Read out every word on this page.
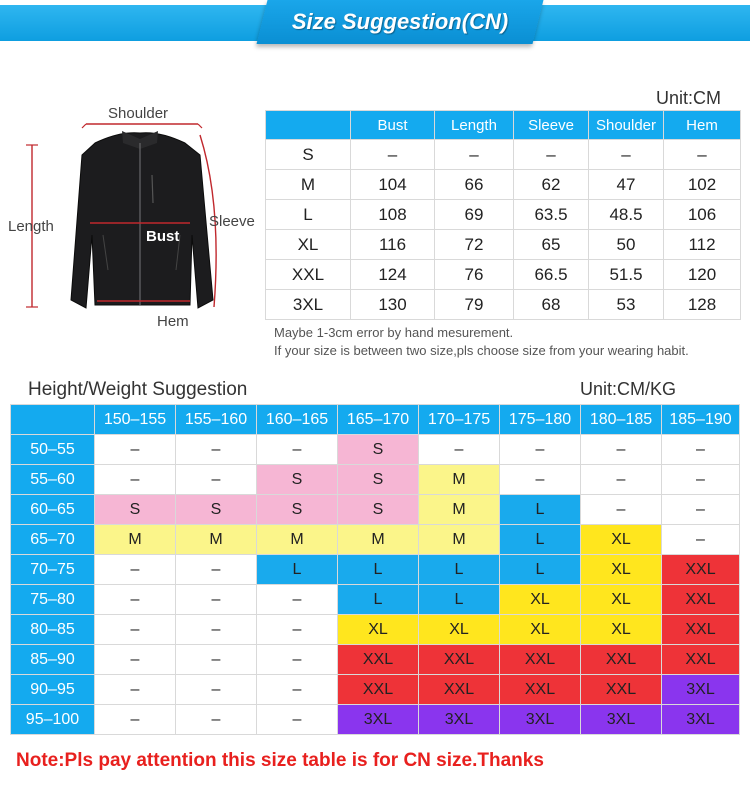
Size Suggestion(CN)
Shoulder
Length
Bust
Sleeve
Hem
Unit:CM
	Bust	Length	Sleeve	Shoulder	Hem
S	–	–	–	–	–
M	104	66	62	47	102
L	108	69	63.5	48.5	106
XL	116	72	65	50	112
XXL	124	76	66.5	51.5	120
3XL	130	79	68	53	128
Maybe 1-3cm error by hand mesurement.
If your size is between two size,pls choose size from your wearing habit.
Height/Weight Suggestion	Unit:CM/KG
	150–155	155–160	160–165	165–170	170–175	175–180	180–185	185–190
50–55	–	–	–	S	–	–	–	–
55–60	–	–	S	S	M	–	–	–
60–65	S	S	S	S	M	L	–	–
65–70	M	M	M	M	M	L	XL	–
70–75	–	–	L	L	L	L	XL	XXL
75–80	–	–	–	L	L	XL	XL	XXL
80–85	–	–	–	XL	XL	XL	XL	XXL
85–90	–	–	–	XXL	XXL	XXL	XXL	XXL
90–95	–	–	–	XXL	XXL	XXL	XXL	3XL
95–100	–	–	–	3XL	3XL	3XL	3XL	3XL
Note:Pls pay attention this size table is for CN size.Thanks
